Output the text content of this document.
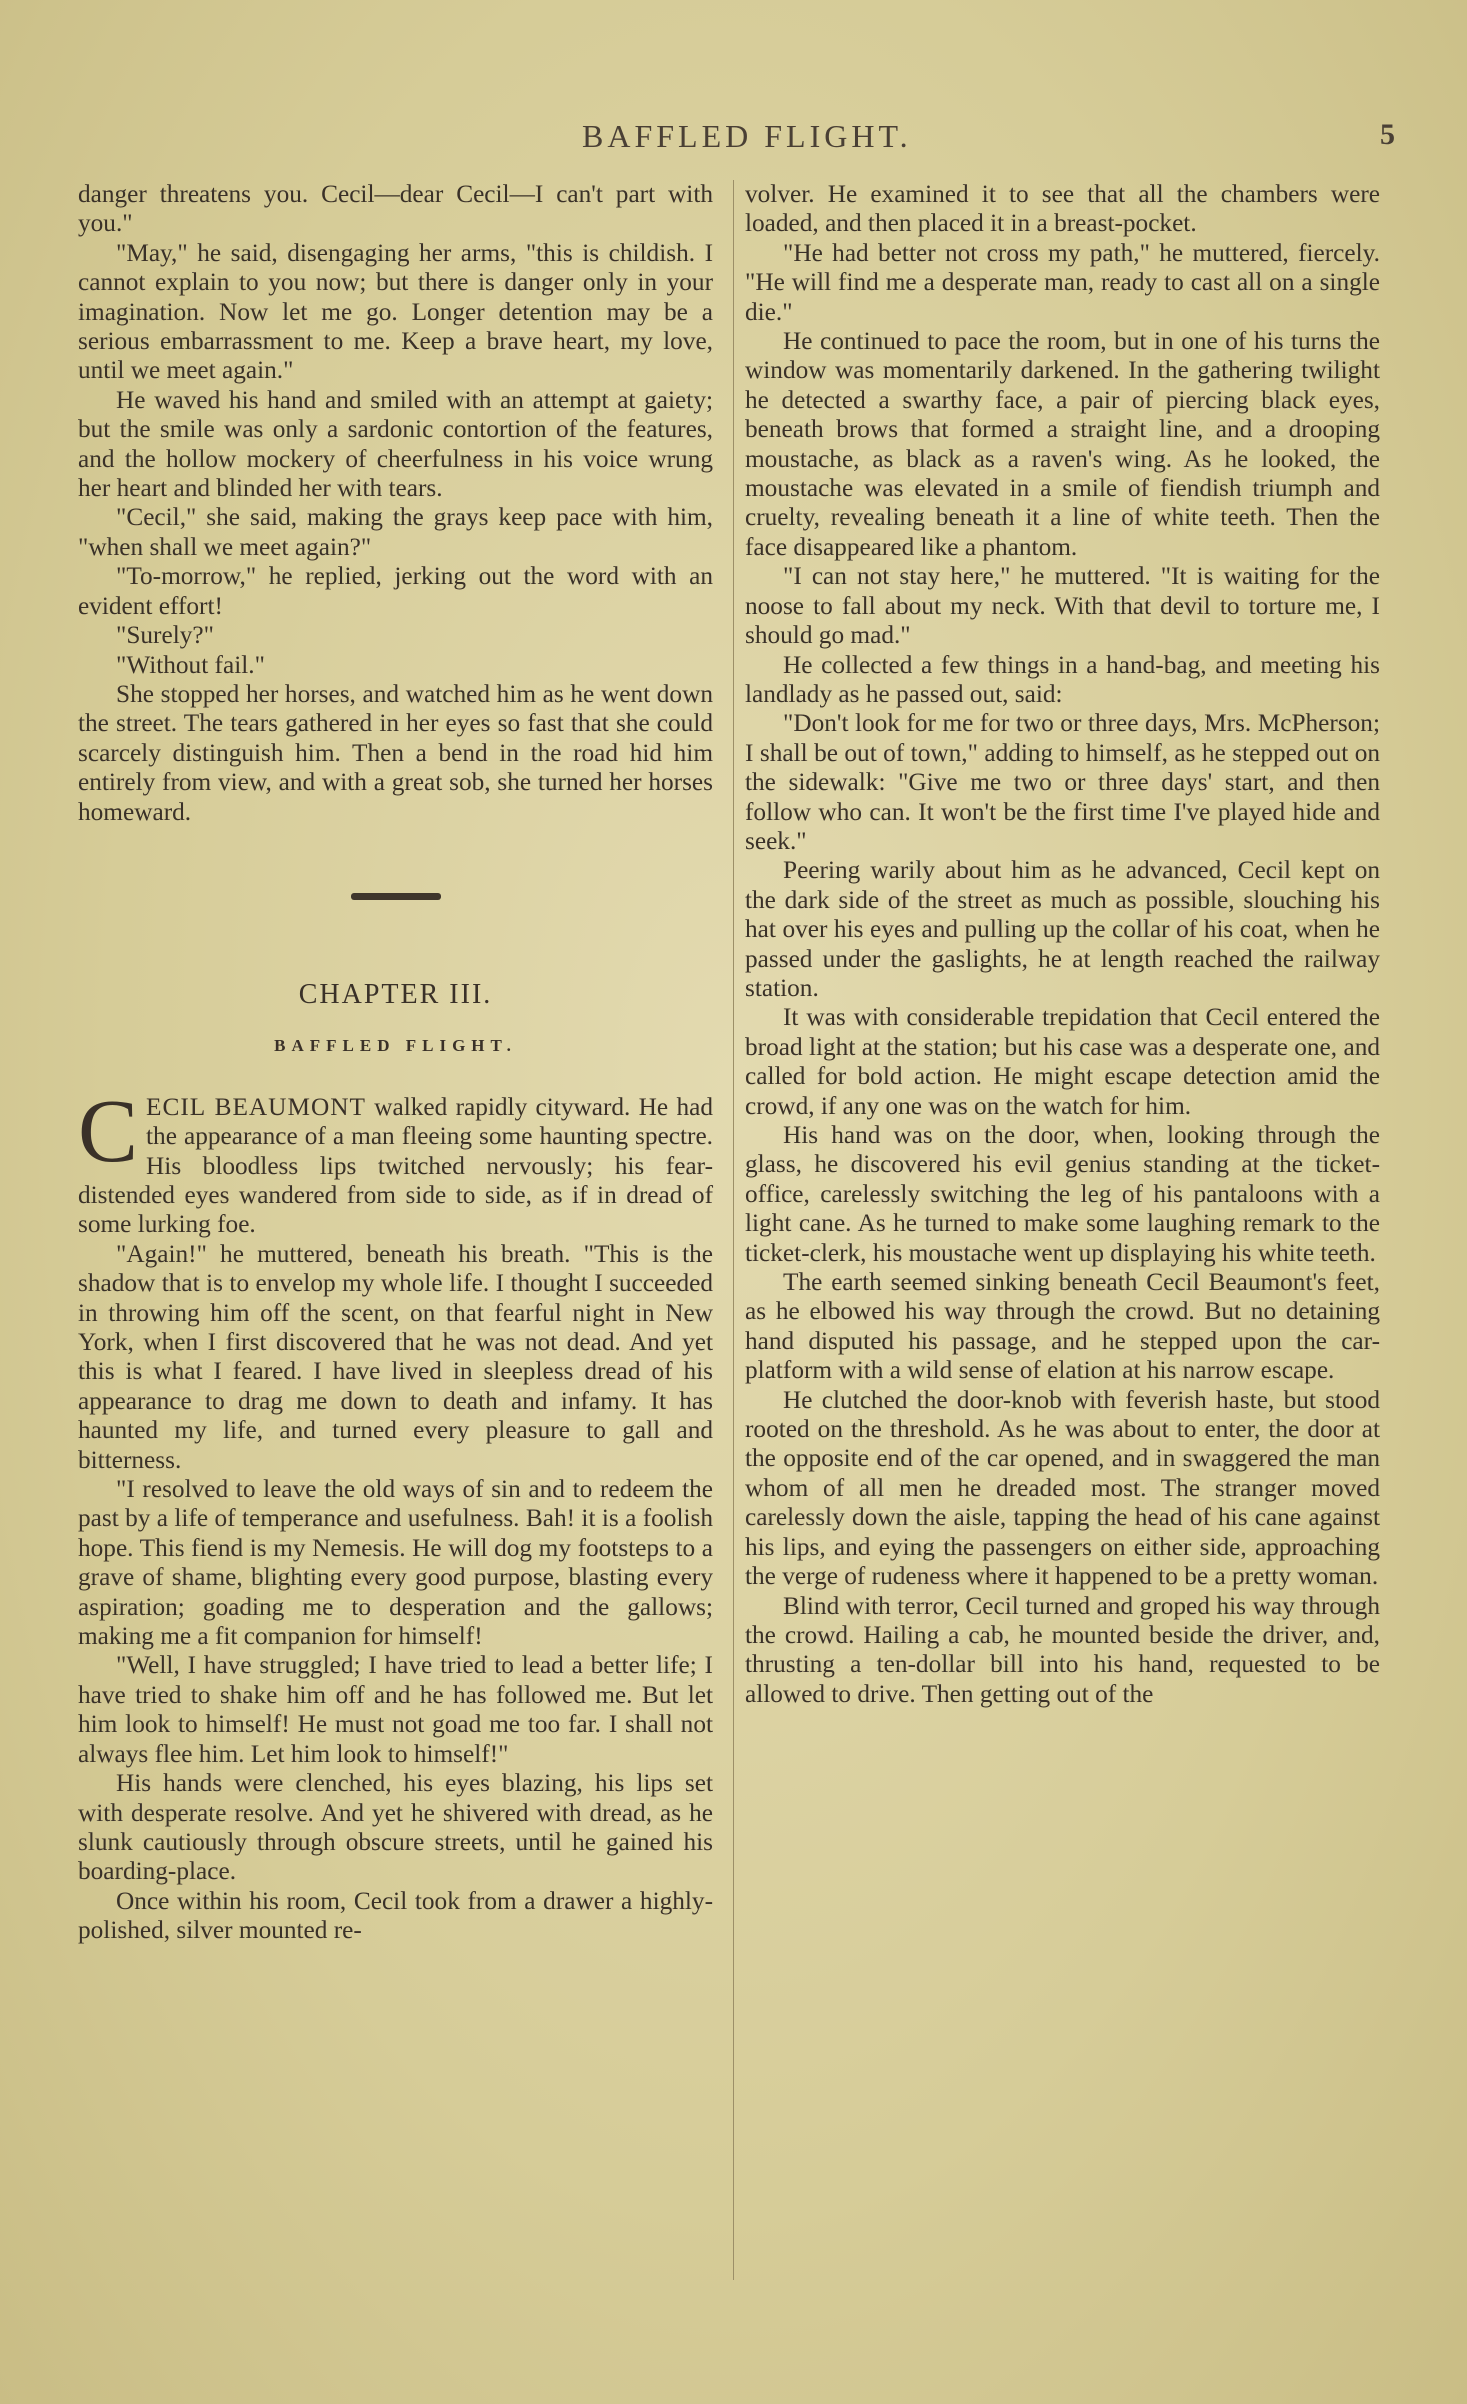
BAFFLED FLIGHT.	5

danger threatens you. Cecil—dear Cecil—I can't part with you."

"May," he said, disengaging her arms, "this is childish. I cannot explain to you now; but there is danger only in your imagination. Now let me go. Longer detention may be a serious embarrassment to me. Keep a brave heart, my love, until we meet again."

He waved his hand and smiled with an attempt at gaiety; but the smile was only a sardonic contortion of the features, and the hollow mockery of cheerfulness in his voice wrung her heart and blinded her with tears.

"Cecil," she said, making the grays keep pace with him, "when shall we meet again?"

"To-morrow," he replied, jerking out the word with an evident effort!

"Surely?"

"Without fail."

She stopped her horses, and watched him as he went down the street. The tears gathered in her eyes so fast that she could scarcely distinguish him. Then a bend in the road hid him entirely from view, and with a great sob, she turned her horses homeward.

CHAPTER III.

BAFFLED FLIGHT.

CECIL BEAUMONT walked rapidly cityward. He had the appearance of a man fleeing some haunting spectre. His bloodless lips twitched nervously; his fear-distended eyes wandered from side to side, as if in dread of some lurking foe.

"Again!" he muttered, beneath his breath. "This is the shadow that is to envelop my whole life. I thought I succeeded in throwing him off the scent, on that fearful night in New York, when I first discovered that he was not dead. And yet this is what I feared. I have lived in sleepless dread of his appearance to drag me down to death and infamy. It has haunted my life, and turned every pleasure to gall and bitterness.

"I resolved to leave the old ways of sin and to redeem the past by a life of temperance and usefulness. Bah! it is a foolish hope. This fiend is my Nemesis. He will dog my footsteps to a grave of shame, blighting every good purpose, blasting every aspiration; goading me to desperation and the gallows; making me a fit companion for himself!

"Well, I have struggled; I have tried to lead a better life; I have tried to shake him off and he has followed me. But let him look to himself! He must not goad me too far. I shall not always flee him. Let him look to himself!"

His hands were clenched, his eyes blazing, his lips set with desperate resolve. And yet he shivered with dread, as he slunk cautiously through obscure streets, until he gained his boarding-place.

Once within his room, Cecil took from a drawer a highly-polished, silver mounted re-

volver. He examined it to see that all the chambers were loaded, and then placed it in a breast-pocket.

"He had better not cross my path," he muttered, fiercely. "He will find me a desperate man, ready to cast all on a single die."

He continued to pace the room, but in one of his turns the window was momentarily darkened. In the gathering twilight he detected a swarthy face, a pair of piercing black eyes, beneath brows that formed a straight line, and a drooping moustache, as black as a raven's wing. As he looked, the moustache was elevated in a smile of fiendish triumph and cruelty, revealing beneath it a line of white teeth. Then the face disappeared like a phantom.

"I can not stay here," he muttered. "It is waiting for the noose to fall about my neck. With that devil to torture me, I should go mad."

He collected a few things in a hand-bag, and meeting his landlady as he passed out, said:

"Don't look for me for two or three days, Mrs. McPherson; I shall be out of town," adding to himself, as he stepped out on the sidewalk: "Give me two or three days' start, and then follow who can. It won't be the first time I've played hide and seek."

Peering warily about him as he advanced, Cecil kept on the dark side of the street as much as possible, slouching his hat over his eyes and pulling up the collar of his coat, when he passed under the gaslights, he at length reached the railway station.

It was with considerable trepidation that Cecil entered the broad light at the station; but his case was a desperate one, and called for bold action. He might escape detection amid the crowd, if any one was on the watch for him.

His hand was on the door, when, looking through the glass, he discovered his evil genius standing at the ticket-office, carelessly switching the leg of his pantaloons with a light cane. As he turned to make some laughing remark to the ticket-clerk, his moustache went up displaying his white teeth.

The earth seemed sinking beneath Cecil Beaumont's feet, as he elbowed his way through the crowd. But no detaining hand disputed his passage, and he stepped upon the car-platform with a wild sense of elation at his narrow escape.

He clutched the door-knob with feverish haste, but stood rooted on the threshold. As he was about to enter, the door at the opposite end of the car opened, and in swaggered the man whom of all men he dreaded most. The stranger moved carelessly down the aisle, tapping the head of his cane against his lips, and eying the passengers on either side, approaching the verge of rudeness where it happened to be a pretty woman.

Blind with terror, Cecil turned and groped his way through the crowd. Hailing a cab, he mounted beside the driver, and, thrusting a ten-dollar bill into his hand, requested to be allowed to drive. Then getting out of the
